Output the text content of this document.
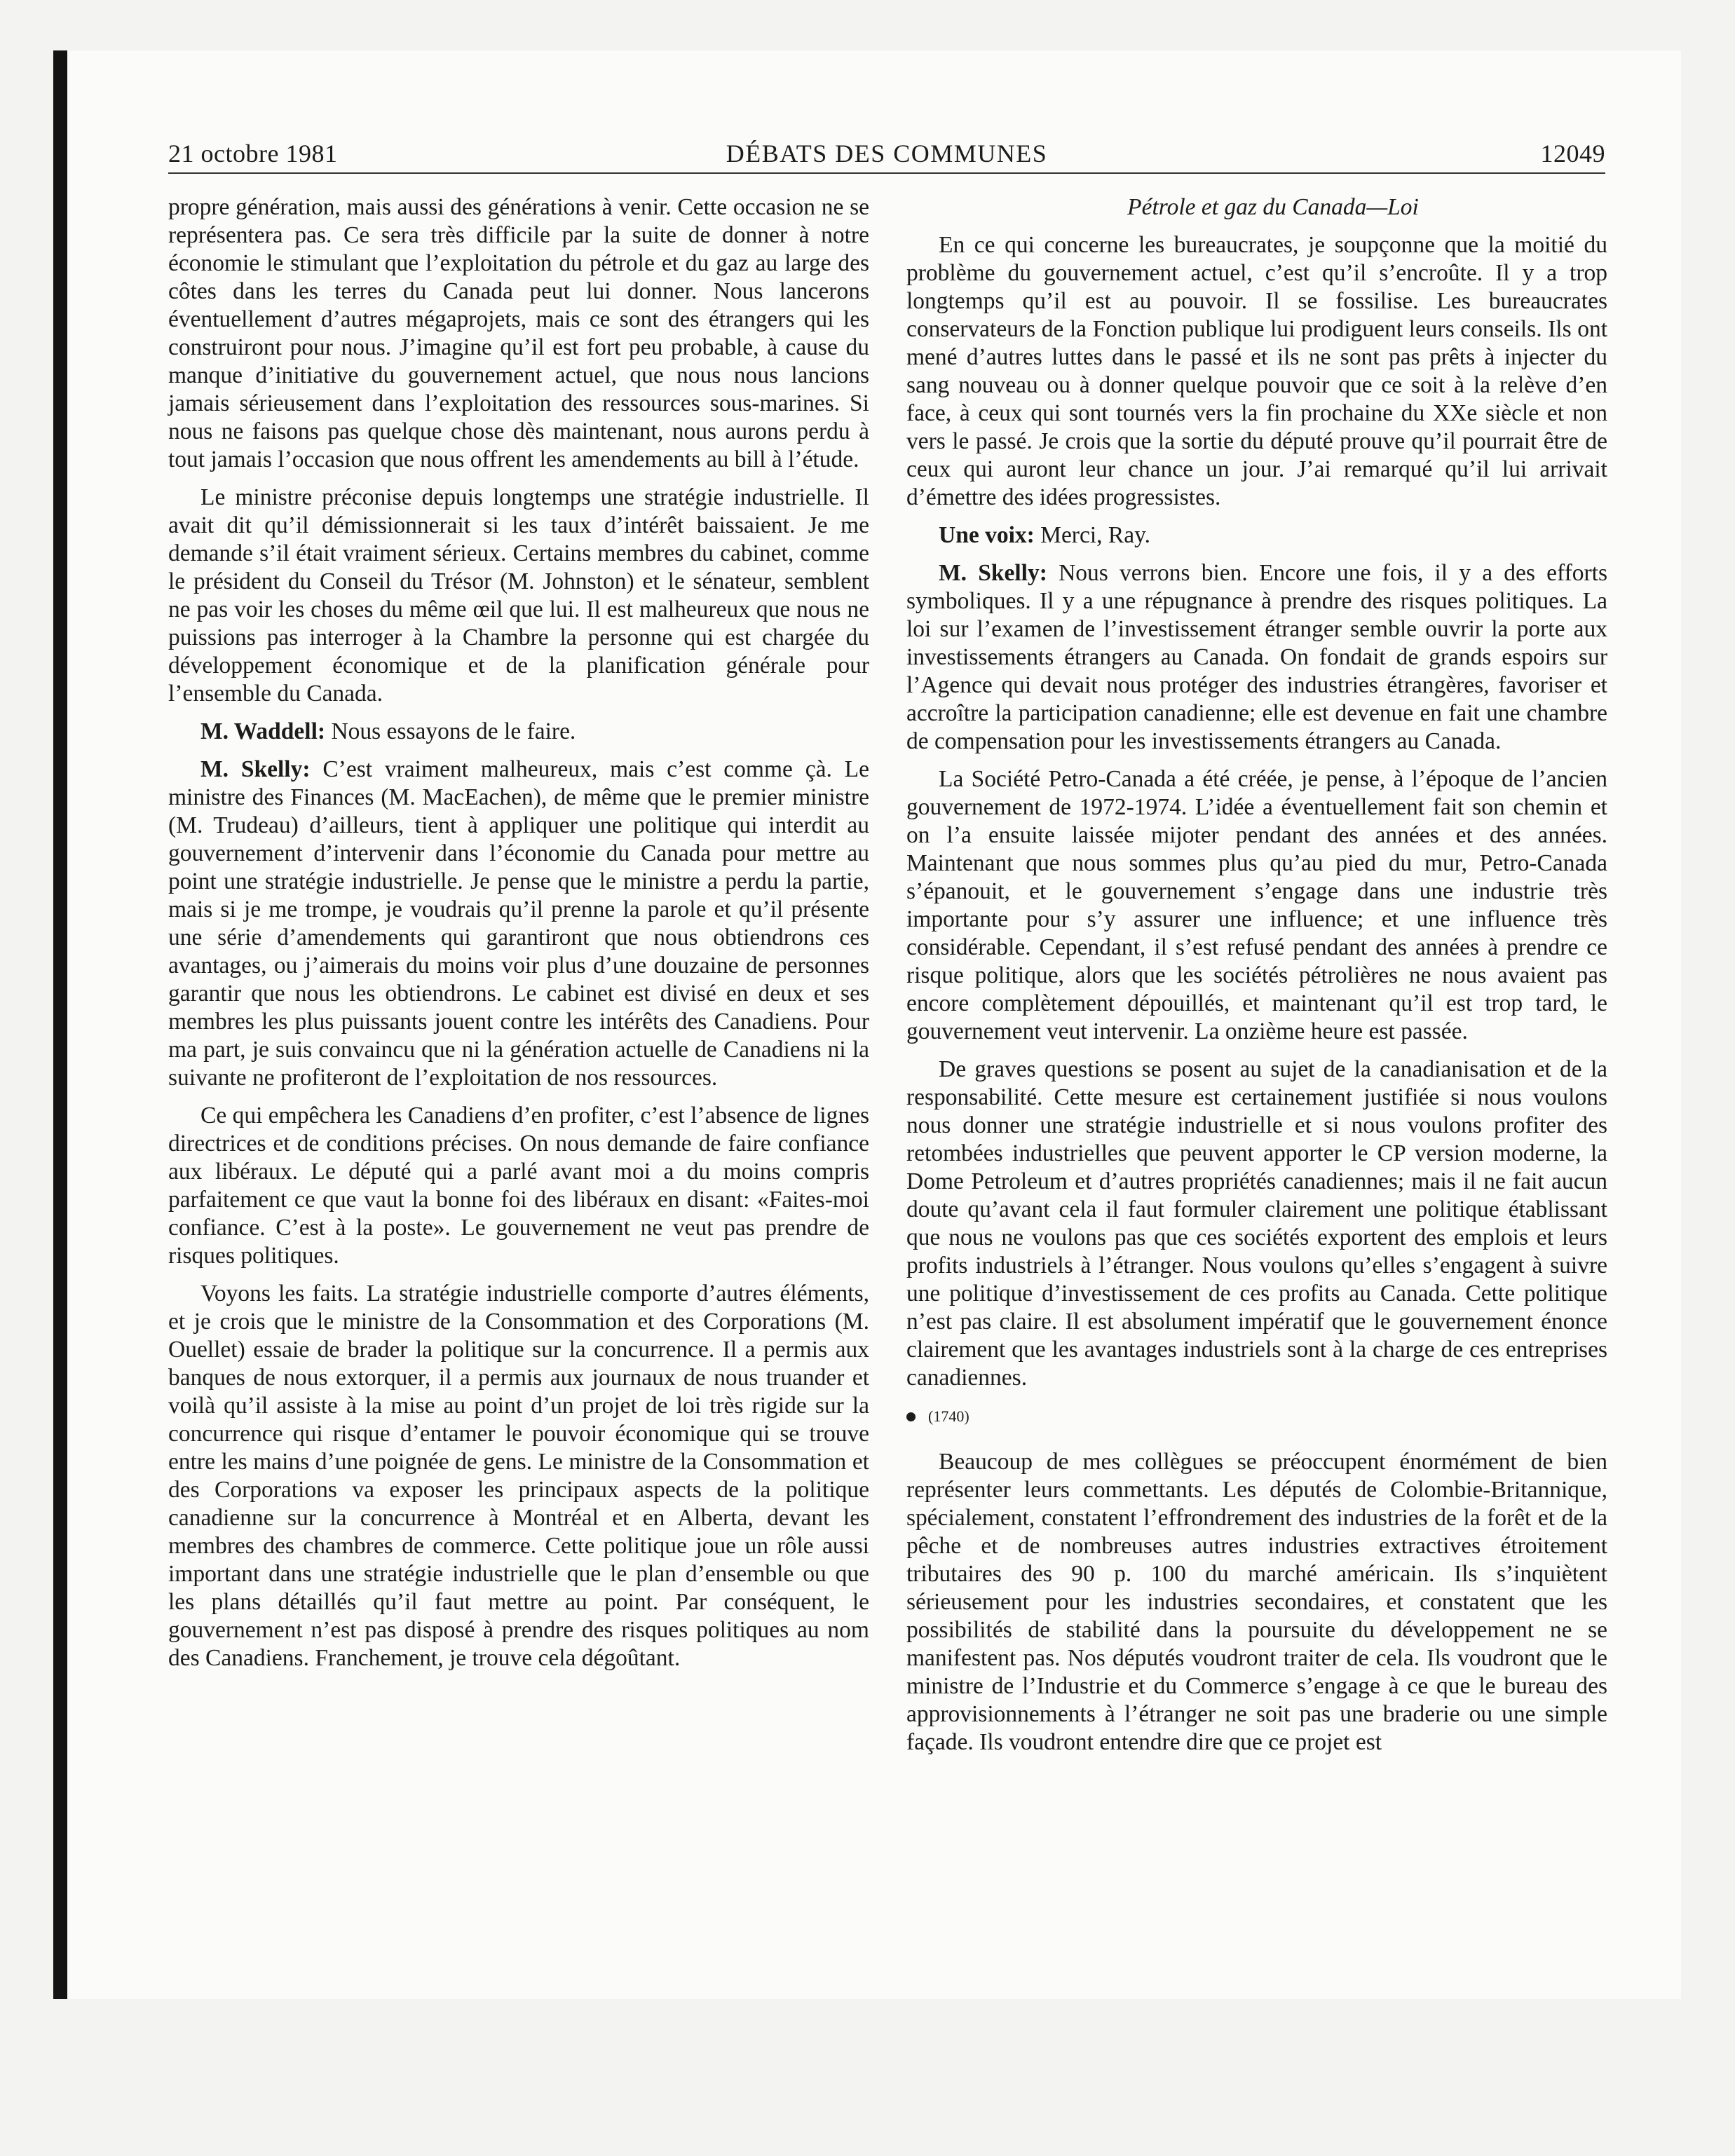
21 octobre 1981	DÉBATS DES COMMUNES	12049

propre génération, mais aussi des générations à venir. Cette occasion ne se représentera pas. Ce sera très difficile par la suite de donner à notre économie le stimulant que l’exploitation du pétrole et du gaz au large des côtes dans les terres du Canada peut lui donner. Nous lancerons éventuellement d’autres mégaprojets, mais ce sont des étrangers qui les construiront pour nous. J’imagine qu’il est fort peu probable, à cause du manque d’initiative du gouvernement actuel, que nous nous lancions jamais sérieusement dans l’exploitation des ressources sous-marines. Si nous ne faisons pas quelque chose dès maintenant, nous aurons perdu à tout jamais l’occasion que nous offrent les amendements au bill à l’étude.

Le ministre préconise depuis longtemps une stratégie industrielle. Il avait dit qu’il démissionnerait si les taux d’intérêt baissaient. Je me demande s’il était vraiment sérieux. Certains membres du cabinet, comme le président du Conseil du Trésor (M. Johnston) et le sénateur, semblent ne pas voir les choses du même œil que lui. Il est malheureux que nous ne puissions pas interroger à la Chambre la personne qui est chargée du développement économique et de la planification générale pour l’ensemble du Canada.

M. Waddell: Nous essayons de le faire.

M. Skelly: C’est vraiment malheureux, mais c’est comme çà. Le ministre des Finances (M. MacEachen), de même que le premier ministre (M. Trudeau) d’ailleurs, tient à appliquer une politique qui interdit au gouvernement d’intervenir dans l’économie du Canada pour mettre au point une stratégie industrielle. Je pense que le ministre a perdu la partie, mais si je me trompe, je voudrais qu’il prenne la parole et qu’il présente une série d’amendements qui garantiront que nous obtiendrons ces avantages, ou j’aimerais du moins voir plus d’une douzaine de personnes garantir que nous les obtiendrons. Le cabinet est divisé en deux et ses membres les plus puissants jouent contre les intérêts des Canadiens. Pour ma part, je suis convaincu que ni la génération actuelle de Canadiens ni la suivante ne profiteront de l’exploitation de nos ressources.

Ce qui empêchera les Canadiens d’en profiter, c’est l’absence de lignes directrices et de conditions précises. On nous demande de faire confiance aux libéraux. Le député qui a parlé avant moi a du moins compris parfaitement ce que vaut la bonne foi des libéraux en disant: «Faites-moi confiance. C’est à la poste». Le gouvernement ne veut pas prendre de risques politiques.

Voyons les faits. La stratégie industrielle comporte d’autres éléments, et je crois que le ministre de la Consommation et des Corporations (M. Ouellet) essaie de brader la politique sur la concurrence. Il a permis aux banques de nous extorquer, il a permis aux journaux de nous truander et voilà qu’il assiste à la mise au point d’un projet de loi très rigide sur la concurrence qui risque d’entamer le pouvoir économique qui se trouve entre les mains d’une poignée de gens. Le ministre de la Consommation et des Corporations va exposer les principaux aspects de la politique canadienne sur la concurrence à Montréal et en Alberta, devant les membres des chambres de commerce. Cette politique joue un rôle aussi important dans une stratégie industrielle que le plan d’ensemble ou que les plans détaillés qu’il faut mettre au point. Par conséquent, le gouvernement n’est pas disposé à prendre des risques politiques au nom des Canadiens. Franchement, je trouve cela dégoûtant.

Pétrole et gaz du Canada—Loi

En ce qui concerne les bureaucrates, je soupçonne que la moitié du problème du gouvernement actuel, c’est qu’il s’encroûte. Il y a trop longtemps qu’il est au pouvoir. Il se fossilise. Les bureaucrates conservateurs de la Fonction publique lui prodiguent leurs conseils. Ils ont mené d’autres luttes dans le passé et ils ne sont pas prêts à injecter du sang nouveau ou à donner quelque pouvoir que ce soit à la relève d’en face, à ceux qui sont tournés vers la fin prochaine du XXe siècle et non vers le passé. Je crois que la sortie du député prouve qu’il pourrait être de ceux qui auront leur chance un jour. J’ai remarqué qu’il lui arrivait d’émettre des idées progressistes.

Une voix: Merci, Ray.

M. Skelly: Nous verrons bien. Encore une fois, il y a des efforts symboliques. Il y a une répugnance à prendre des risques politiques. La loi sur l’examen de l’investissement étranger semble ouvrir la porte aux investissements étrangers au Canada. On fondait de grands espoirs sur l’Agence qui devait nous protéger des industries étrangères, favoriser et accroître la participation canadienne; elle est devenue en fait une chambre de compensation pour les investissements étrangers au Canada.

La Société Petro-Canada a été créée, je pense, à l’époque de l’ancien gouvernement de 1972-1974. L’idée a éventuellement fait son chemin et on l’a ensuite laissée mijoter pendant des années et des années. Maintenant que nous sommes plus qu’au pied du mur, Petro-Canada s’épanouit, et le gouvernement s’engage dans une industrie très importante pour s’y assurer une influence; et une influence très considérable. Cependant, il s’est refusé pendant des années à prendre ce risque politique, alors que les sociétés pétrolières ne nous avaient pas encore complètement dépouillés, et maintenant qu’il est trop tard, le gouvernement veut intervenir. La onzième heure est passée.

De graves questions se posent au sujet de la canadianisation et de la responsabilité. Cette mesure est certainement justifiée si nous voulons nous donner une stratégie industrielle et si nous voulons profiter des retombées industrielles que peuvent apporter le CP version moderne, la Dome Petroleum et d’autres propriétés canadiennes; mais il ne fait aucun doute qu’avant cela il faut formuler clairement une politique établissant que nous ne voulons pas que ces sociétés exportent des emplois et leurs profits industriels à l’étranger. Nous voulons qu’elles s’engagent à suivre une politique d’investissement de ces profits au Canada. Cette politique n’est pas claire. Il est absolument impératif que le gouvernement énonce clairement que les avantages industriels sont à la charge de ces entreprises canadiennes.

(1740)

Beaucoup de mes collègues se préoccupent énormément de bien représenter leurs commettants. Les députés de Colombie-Britannique, spécialement, constatent l’effrondrement des industries de la forêt et de la pêche et de nombreuses autres industries extractives étroitement tributaires des 90 p. 100 du marché américain. Ils s’inquiètent sérieusement pour les industries secondaires, et constatent que les possibilités de stabilité dans la poursuite du développement ne se manifestent pas. Nos députés voudront traiter de cela. Ils voudront que le ministre de l’Industrie et du Commerce s’engage à ce que le bureau des approvisionnements à l’étranger ne soit pas une braderie ou une simple façade. Ils voudront entendre dire que ce projet est
